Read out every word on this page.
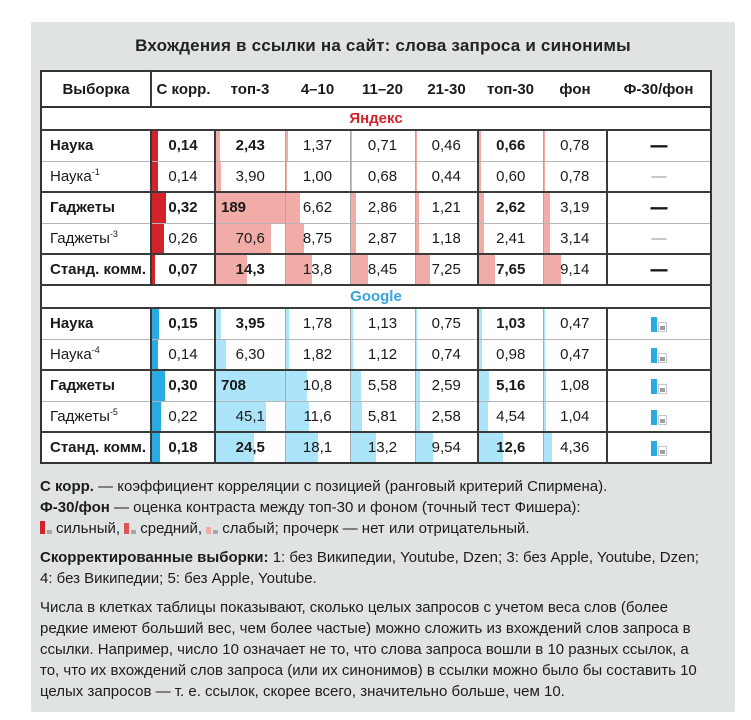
Вхождения в ссылки на сайт: слова запроса и синонимы
Выборка	С корр.	топ-3	4–10	11–20	21-30	топ-30	фон	Ф-30/фон
Яндекс								
Наука	0,14	2,43	1,37	0,71	0,46	0,66	0,78	—
Наука$^{-1}$	0,14	3,90	1,00	0,68	0,44	0,60	0,78	—
Гаджеты	0,32	189	6,62	2,86	1,21	2,62	3,19	—
Гаджеты$^{-3}$	0,26	70,6	8,75	2,87	1,18	2,41	3,14	—
Станд. комм.	0,07	14,3	13,8	8,45	7,25	7,65	9,14	—
Google								
Наука	0,15	3,95	1,78	1,13	0,75	1,03	0,47	

Наука$^{-4}$	0,14	6,30	1,82	1,12	0,74	0,98	0,47	

Гаджеты	0,30	708	10,8	5,58	2,59	5,16	1,08	

Гаджеты$^{-5}$	0,22	45,1	11,6	5,81	2,58	4,54	1,04	

Станд. комм.	0,18	24,5	18,1	13,2	9,54	12,6	4,36	

С корр. — коэффициент корреляции с позицией (ранговый критерий Спирмена).

Ф-30/фон — оценка контраста между топ-30 и фоном (точный тест Фишера):

сильный, средний, слабый; прочерк — нет или отрицательный.

Скорректированные выборки: 1: без Википедии, Youtube, Dzen; 3: без Apple, Youtube, Dzen; 4: без Википедии; 5: без Apple, Youtube.

Числа в клетках таблицы показывают, сколько целых запросов с учетом веса слов (более редкие имеют больший вес, чем более частые) можно сложить из вхождений слов запроса в ссылки. Например, число 10 означает не то, что слова запроса вошли в 10 разных ссылок, а то, что их вхождений слов запроса (или их синонимов) в ссылки можно было бы составить 10 целых запросов — т. е. ссылок, скорее всего, значительно больше, чем 10.
